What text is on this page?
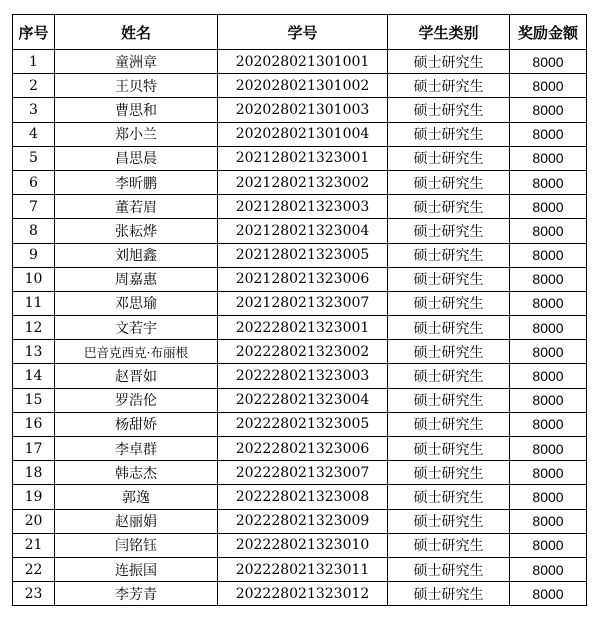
序号	姓名	学号	学生类别	奖励金额
1	童洲章	202028021301001	硕士研究生	8000
2	王贝特	202028021301002	硕士研究生	8000
3	曹思和	202028021301003	硕士研究生	8000
4	郑小兰	202028021301004	硕士研究生	8000
5	昌思晨	202128021323001	硕士研究生	8000
6	李昕鹏	202128021323002	硕士研究生	8000
7	董若眉	202128021323003	硕士研究生	8000
8	张耘烨	202128021323004	硕士研究生	8000
9	刘旭鑫	202128021323005	硕士研究生	8000
10	周嘉惠	202128021323006	硕士研究生	8000
11	邓思瑜	202128021323007	硕士研究生	8000
12	文若宇	202228021323001	硕士研究生	8000
13	巴音克西克·布丽根	202228021323002	硕士研究生	8000
14	赵晋如	202228021323003	硕士研究生	8000
15	罗浩伦	202228021323004	硕士研究生	8000
16	杨甜娇	202228021323005	硕士研究生	8000
17	李卓群	202228021323006	硕士研究生	8000
18	韩志杰	202228021323007	硕士研究生	8000
19	郭逸	202228021323008	硕士研究生	8000
20	赵丽娟	202228021323009	硕士研究生	8000
21	闫铭钰	202228021323010	硕士研究生	8000
22	连振国	202228021323011	硕士研究生	8000
23	李芳青	202228021323012	硕士研究生	8000
